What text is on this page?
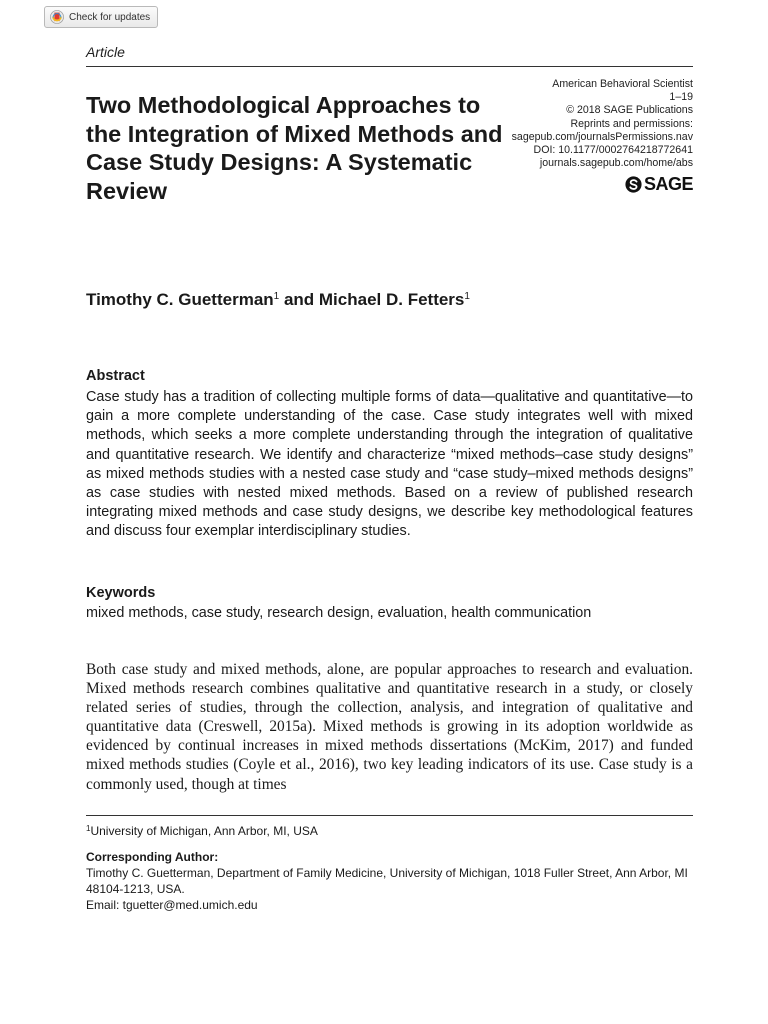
Check for updates
Article
Two Methodological Approaches to the Integration of Mixed Methods and Case Study Designs: A Systematic Review
American Behavioral Scientist
1–19
© 2018 SAGE Publications
Reprints and permissions:
sagepub.com/journalsPermissions.nav
DOI: 10.1177/0002764218772641
journals.sagepub.com/home/abs
SAGE

Timothy C. Guetterman$^1$ and Michael D. Fetters$^1$

Abstract

Case study has a tradition of collecting multiple forms of data—qualitative and quantitative—to gain a more complete understanding of the case. Case study integrates well with mixed methods, which seeks a more complete understanding through the integration of qualitative and quantitative research. We identify and characterize “mixed methods–case study designs” as mixed methods studies with a nested case study and “case study–mixed methods designs” as case studies with nested mixed methods. Based on a review of published research integrating mixed methods and case study designs, we describe key methodological features and discuss four exemplar interdisciplinary studies.

Keywords
mixed methods, case study, research design, evaluation, health communication

Both case study and mixed methods, alone, are popular approaches to research and evaluation. Mixed methods research combines qualitative and quantitative research in a study, or closely related series of studies, through the collection, analysis, and integration of qualitative and quantitative data (Creswell, 2015a). Mixed methods is growing in its adoption worldwide as evidenced by continual increases in mixed methods dissertations (McKim, 2017) and funded mixed methods studies (Coyle et al., 2016), two key leading indicators of its use. Case study is a commonly used, though at times

$^1$University of Michigan, Ann Arbor, MI, USA
Corresponding Author:
Timothy C. Guetterman, Department of Family Medicine, University of Michigan, 1018 Fuller Street, Ann Arbor, MI 48104-1213, USA.
Email: tguetter@med.umich.edu
